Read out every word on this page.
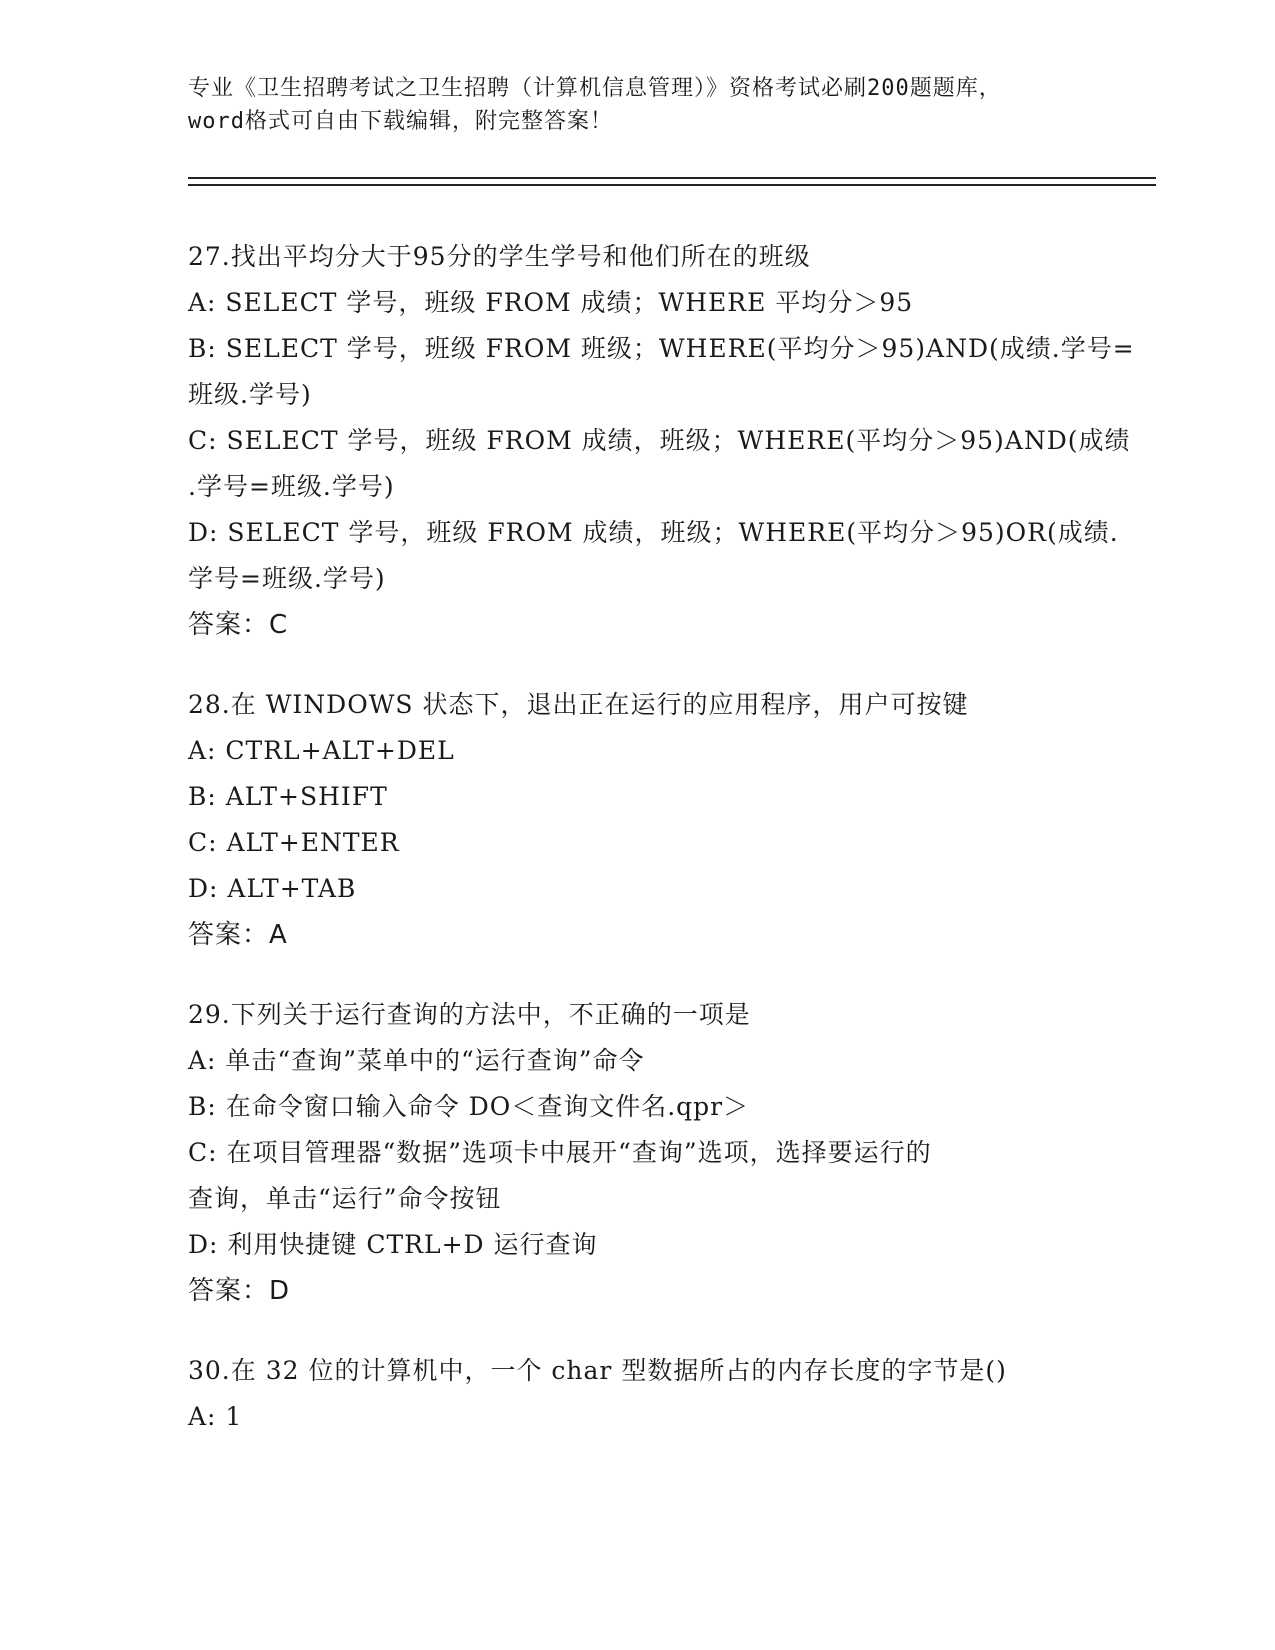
专业《卫生招聘考试之卫生招聘（计算机信息管理）》资格考试必刷200题题库，
word格式可自由下载编辑，附完整答案！
27.找出平均分大于95分的学生学号和他们所在的班级
A: SELECT 学号，班级 FROM 成绩；WHERE 平均分＞95
B: SELECT 学号，班级 FROM 班级；WHERE(平均分＞95)AND(成绩.学号=
班级.学号)
C: SELECT 学号，班级 FROM 成绩，班级；WHERE(平均分＞95)AND(成绩
.学号=班级.学号)
D: SELECT 学号，班级 FROM 成绩，班级；WHERE(平均分＞95)OR(成绩.
学号=班级.学号)
答案：C
28.在 WINDOWS 状态下，退出正在运行的应用程序，用户可按键
A: CTRL+ALT+DEL
B: ALT+SHIFT
C: ALT+ENTER
D: ALT+TAB
答案：A
29.下列关于运行查询的方法中，不正确的一项是
A: 单击“查询”菜单中的“运行查询”命令
B: 在命令窗口输入命令 DO＜查询文件名.qpr＞
C: 在项目管理器“数据”选项卡中展开“查询”选项，选择要运行的
查询，单击“运行”命令按钮
D: 利用快捷键 CTRL+D 运行查询
答案：D
30.在 32 位的计算机中，一个 char 型数据所占的内存长度的字节是()
A: 1
